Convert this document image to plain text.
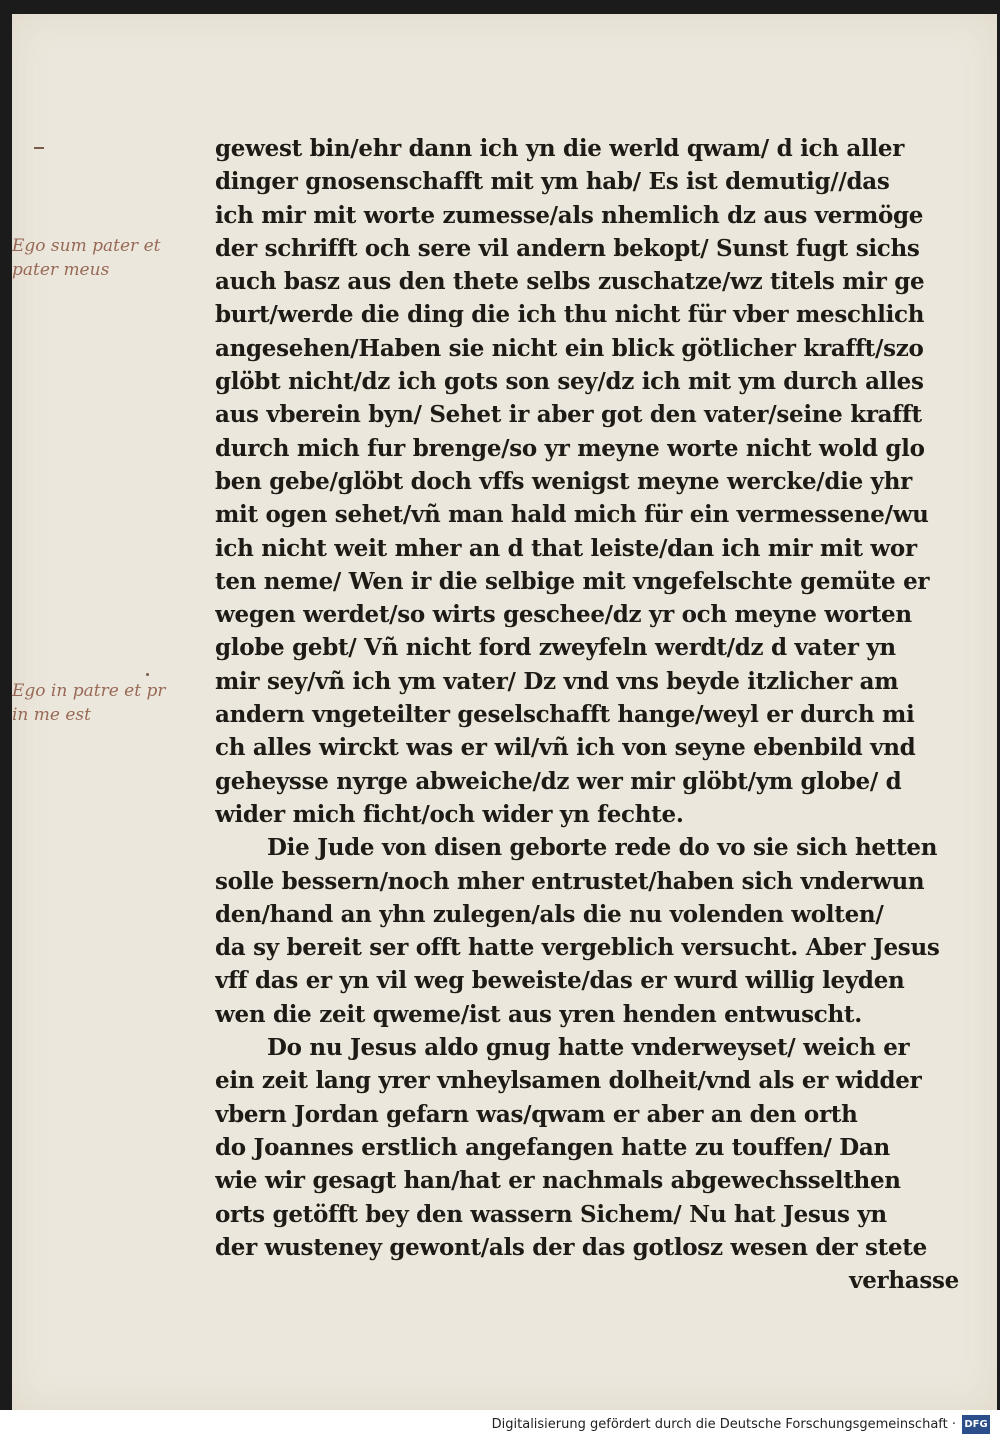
Ego sum pater et
pater meus
Ego in patre et pr
in me est
gewest bin/ehr dann ich yn die werld qwam/ d ich aller
dinger gnosenschafft mit ym hab/ Es ist demutig//das
ich mir mit worte zumesse/als nhemlich dz aus vermöge
der schrifft och sere vil andern bekopt/ Sunst fugt sichs
auch basz aus den thete selbs zuschatze/wz titels mir ge
burt/werde die ding die ich thu nicht für vber meschlich
angesehen/Haben sie nicht ein blick götlicher krafft/szo
glöbt nicht/dz ich gots son sey/dz ich mit ym durch alles
aus vberein byn/ Sehet ir aber got den vater/seine krafft
durch mich fur brenge/so yr meyne worte nicht wold glo
ben gebe/glöbt doch vffs wenigst meyne wercke/die yhr
mit ogen sehet/vñ man hald mich für ein vermessene/wu
ich nicht weit mher an d that leiste/dan ich mir mit wor
ten neme/ Wen ir die selbige mit vngefelschte gemüte er
wegen werdet/so wirts geschee/dz yr och meyne worten
globe gebt/ Vñ nicht ford zweyfeln werdt/dz d vater yn
mir sey/vñ ich ym vater/ Dz vnd vns beyde itzlicher am
andern vngeteilter geselschafft hange/weyl er durch mi
ch alles wirckt was er wil/vñ ich von seyne ebenbild vnd
geheysse nyrge abweiche/dz wer mir glöbt/ym globe/ d
wider mich ficht/och wider yn fechte.
Die Jude von disen geborte rede do vo sie sich hetten
solle bessern/noch mher entrustet/haben sich vnderwun
den/hand an yhn zulegen/als die nu volenden wolten/
da sy bereit ser offt hatte vergeblich versucht. Aber Jesus
vff das er yn vil weg beweiste/das er wurd willig leyden
wen die zeit qweme/ist aus yren henden entwuscht.
Do nu Jesus aldo gnug hatte vnderweyset/ weich er
ein zeit lang yrer vnheylsamen dolheit/vnd als er widder
vbern Jordan gefarn was/qwam er aber an den orth
do Joannes erstlich angefangen hatte zu touffen/ Dan
wie wir gesagt han/hat er nachmals abgewechsselthen
orts getöfft bey den wassern Sichem/ Nu hat Jesus yn
der wusteney gewont/als der das gotlosz wesen der stete
verhasse
Digitalisierung gefördert durch die Deutsche Forschungsgemeinschaft · DFG
